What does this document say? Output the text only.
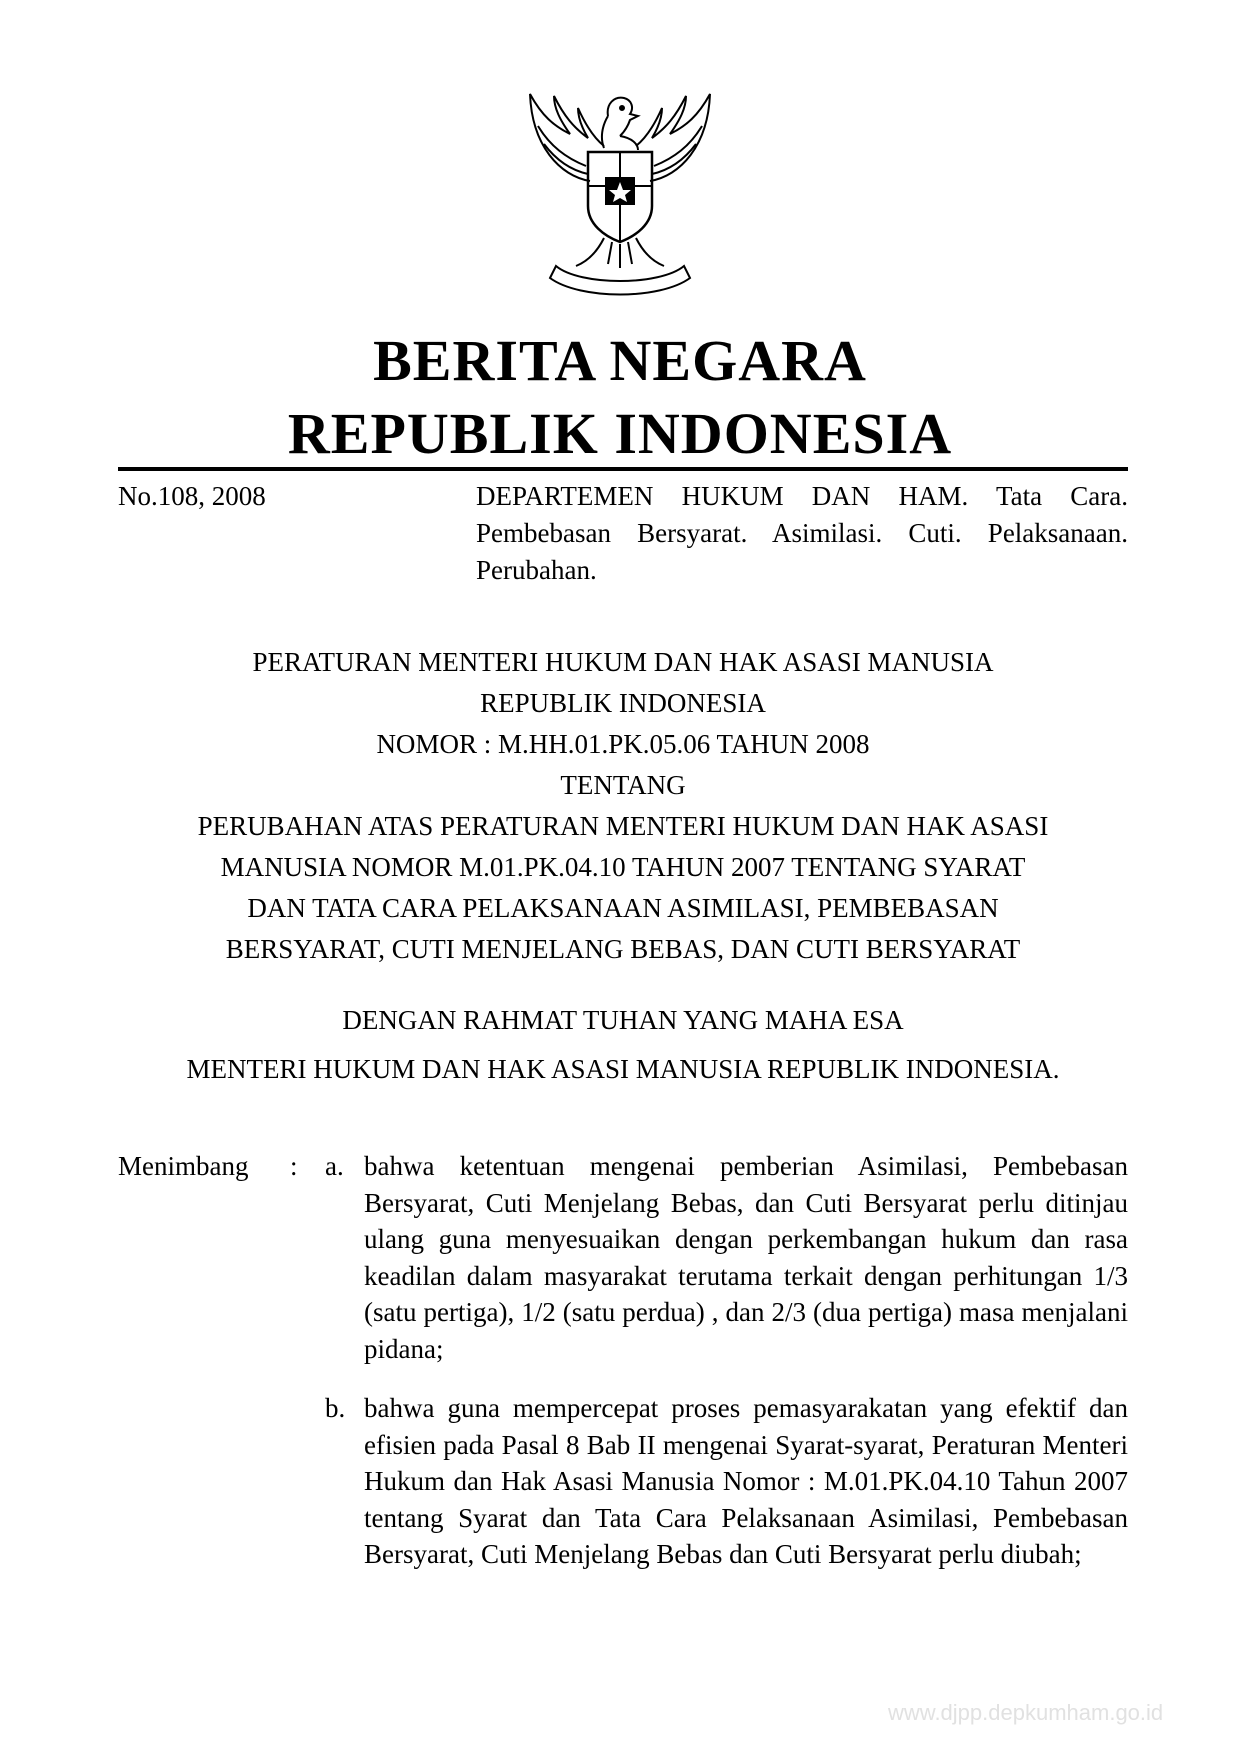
BERITA NEGARA
REPUBLIK INDONESIA
No.108, 2008	DEPARTEMEN HUKUM DAN HAM. Tata Cara. Pembebasan Bersyarat. Asimilasi. Cuti. Pelaksanaan. Perubahan.
PERATURAN MENTERI HUKUM DAN HAK ASASI MANUSIA
REPUBLIK INDONESIA
NOMOR : M.HH.01.PK.05.06 TAHUN 2008
TENTANG
PERUBAHAN ATAS PERATURAN MENTERI HUKUM DAN HAK ASASI
MANUSIA NOMOR M.01.PK.04.10 TAHUN 2007 TENTANG SYARAT
DAN TATA CARA PELAKSANAAN ASIMILASI, PEMBEBASAN
BERSYARAT, CUTI MENJELANG BEBAS, DAN CUTI BERSYARAT
DENGAN RAHMAT TUHAN YANG MAHA ESA
MENTERI HUKUM DAN HAK ASASI MANUSIA REPUBLIK INDONESIA.
Menimbang : a. bahwa ketentuan mengenai pemberian Asimilasi, Pembebasan Bersyarat, Cuti Menjelang Bebas, dan Cuti Bersyarat perlu ditinjau ulang guna menyesuaikan dengan perkembangan hukum dan rasa keadilan dalam masyarakat terutama terkait dengan perhitungan 1/3 (satu pertiga), 1/2 (satu perdua) , dan 2/3 (dua pertiga) masa menjalani pidana;
b. bahwa guna mempercepat proses pemasyarakatan yang efektif dan efisien pada Pasal 8 Bab II mengenai Syarat-syarat, Peraturan Menteri Hukum dan Hak Asasi Manusia Nomor : M.01.PK.04.10 Tahun 2007 tentang Syarat dan Tata Cara Pelaksanaan Asimilasi, Pembebasan Bersyarat, Cuti Menjelang Bebas dan Cuti Bersyarat perlu diubah;
www.djpp.depkumham.go.id
